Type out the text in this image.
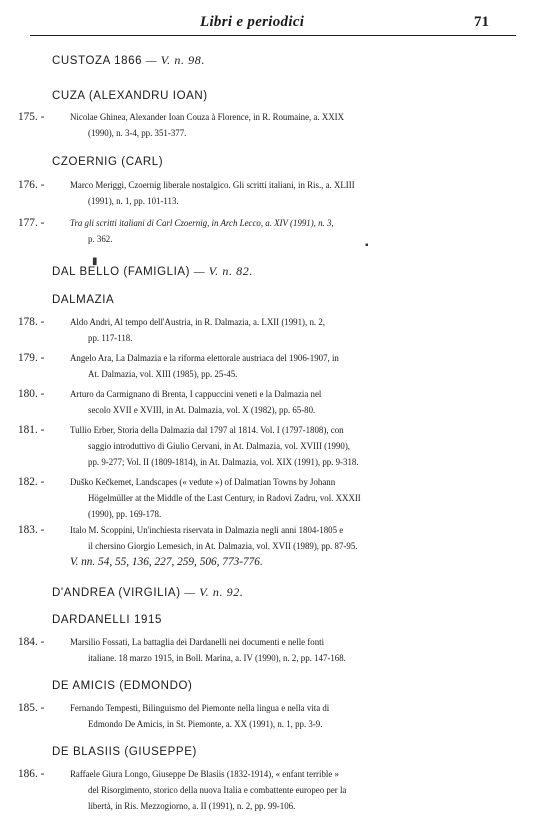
Libri e periodici	71
CUSTOZA 1866 — V. n. 98.
CUZA (ALEXANDRU IOAN)
175. -	Nicolae Ghinea, Alexander Ioan Couza à Florence, in R. Roumaine, a. XXIX
(1990), n. 3-4, pp. 351-377.
CZOERNIG (CARL)
176. -	Marco Meriggi, Czoernig liberale nostalgico. Gli scritti italiani, in Ris., a. XLIII
(1991), n. 1, pp. 101-113.
177. -	Tra gli scritti italiani di Carl Czoernig, in Arch Lecco, a. XIV (1991), n. 3,
p. 362.
▪
▮
DAL BELLO (FAMIGLIA) — V. n. 82.
DALMAZIA
178. -	Aldo Andri, Al tempo dell'Austria, in R. Dalmazia, a. LXII (1991), n. 2,
pp. 117-118.
179. -	Angelo Ara, La Dalmazia e la riforma elettorale austriaca del 1906-1907, in
At. Dalmazia, vol. XIII (1985), pp. 25-45.
180. -	Arturo da Carmignano di Brenta, I cappuccini veneti e la Dalmazia nel
secolo XVII e XVIII, in At. Dalmazia, vol. X (1982), pp. 65-80.
181. -	Tullio Erber, Storia della Dalmazia dal 1797 al 1814. Vol. I (1797-1808), con
saggio introduttivo di Giulio Cervani, in At. Dalmazia, vol. XVIII (1990),
pp. 9-277; Vol. II (1809-1814), in At. Dalmazia, vol. XIX (1991), pp. 9-318.
182. -	Duško Kečkemet, Landscapes (« vedute ») of Dalmatian Towns by Johann
Högelmüller at the Middle of the Last Century, in Radovi Zadru, vol. XXXII
(1990), pp. 169-178.
183. -	Italo M. Scoppini, Un'inchiesta riservata in Dalmazia negli anni 1804-1805 e
il chersino Giorgio Lemesich, in At. Dalmazia, vol. XVII (1989), pp. 87-95.
V. nn. 54, 55, 136, 227, 259, 506, 773-776.
D'ANDREA (VIRGILIA) — V. n. 92.
DARDANELLI 1915
184. -	Marsilio Fossati, La battaglia dei Dardanelli nei documenti e nelle fonti
italiane. 18 marzo 1915, in Boll. Marina, a. IV (1990), n. 2, pp. 147-168.
DE AMICIS (EDMONDO)
185. -	Fernando Tempesti, Bilinguismo del Piemonte nella lingua e nella vita di
Edmondo De Amicis, in St. Piemonte, a. XX (1991), n. 1, pp. 3-9.
DE BLASIIS (GIUSEPPE)
186. -	Raffaele Giura Longo, Giuseppe De Blasiis (1832-1914), « enfant terrible »
del Risorgimento, storico della nuova Italia e combattente europeo per la
libertà, in Ris. Mezzogiorno, a. II (1991), n. 2, pp. 99-106.
